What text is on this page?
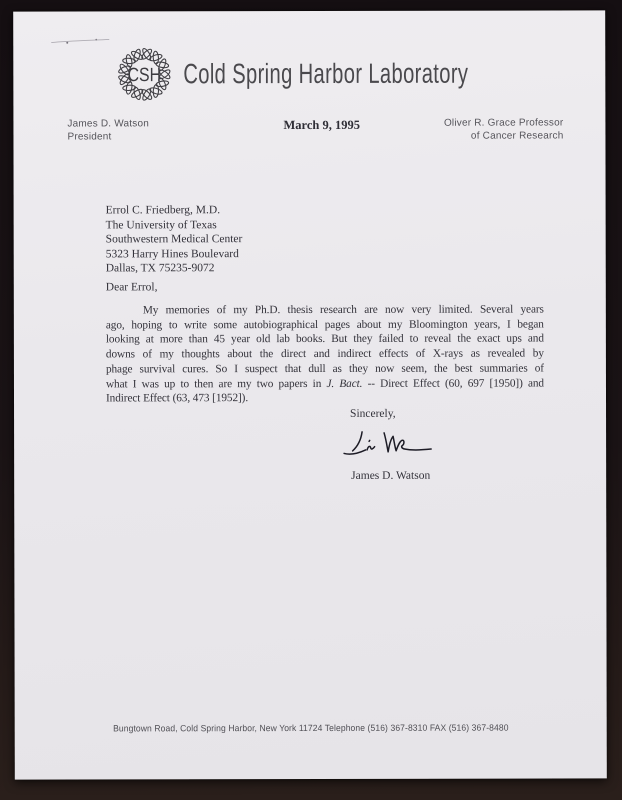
CSH Cold Spring Harbor Laboratory
James D. Watson
President
March 9, 1995	Oliver R. Grace Professor
of Cancer Research
Errol C. Friedberg, M.D.
The University of Texas
Southwestern Medical Center
5323 Harry Hines Boulevard
Dallas, TX 75235-9072
Dear Errol,
My memories of my Ph.D. thesis research are now very limited. Several years
ago, hoping to write some autobiographical pages about my Bloomington years, I began
looking at more than 45 year old lab books. But they failed to reveal the exact ups and
downs of my thoughts about the direct and indirect effects of X-rays as revealed by
phage survival cures. So I suspect that dull as they now seem, the best summaries of
what I was up to then are my two papers in J. Bact. -- Direct Effect (60, 697 [1950]) and
Indirect Effect (63, 473 [1952]).
Sincerely,
James D. Watson
Bungtown Road, Cold Spring Harbor, New York 11724 Telephone (516) 367-8310 FAX (516) 367-8480
